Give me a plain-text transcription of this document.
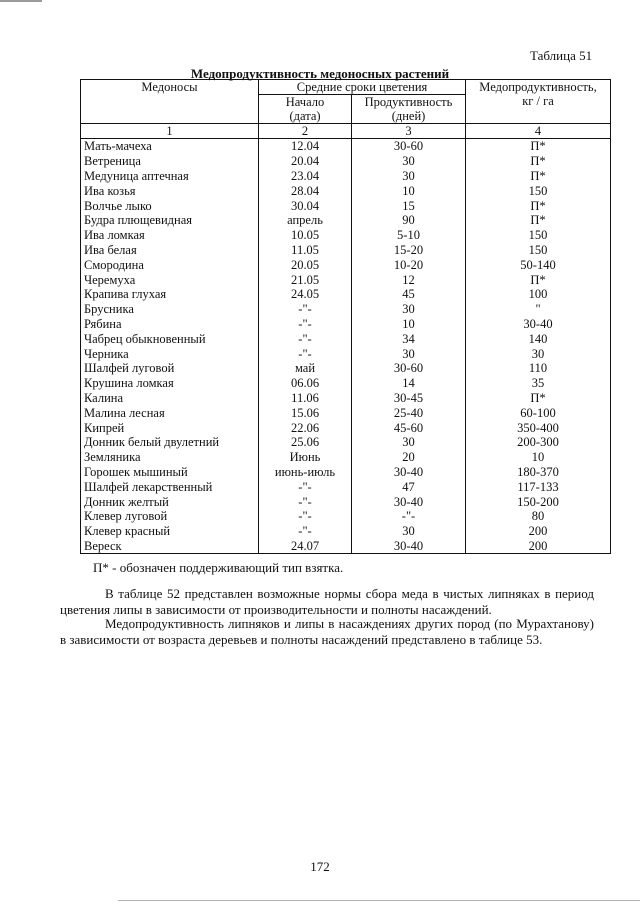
Таблица 51
Медопродуктивность медоносных растений
Медоносы	Средние сроки цветения		Медопродуктивность,
кг / га
	Начало
(дата)	Продуктивность
(дней)	
1	2	3	4
Мать-мачеха	12.04	30-60	П*
Ветреница	20.04	30	П*
Медуница аптечная	23.04	30	П*
Ива козья	28.04	10	150
Волчье лыко	30.04	15	П*
Будра плющевидная	апрель	90	П*
Ива ломкая	10.05	5-10	150
Ива белая	11.05	15-20	150
Смородина	20.05	10-20	50-140
Черемуха	21.05	12	П*
Крапива глухая	24.05	45	100
Брусника	-"-	30	"
Рябина	-"-	10	30-40
Чабрец обыкновенный	-"-	34	140
Черника	-"-	30	30
Шалфей луговой	май	30-60	110
Крушина ломкая	06.06	14	35
Калина	11.06	30-45	П*
Малина лесная	15.06	25-40	60-100
Кипрей	22.06	45-60	350-400
Донник белый двулетний	25.06	30	200-300
Земляника	Июнь	20	10
Горошек мышиный	июнь-июль	30-40	180-370
Шалфей лекарственный	-"-	47	117-133
Донник желтый	-"-	30-40	150-200
Клевер луговой	-"-	-"-	80
Клевер красный	-"-	30	200
Вереск	24.07	30-40	200
П* - обозначен поддерживающий тип взятка.
В таблице 52 представлен возможные нормы сбора меда в чистых липняках в период цветения липы в зависимости от производительности и полноты насаждений.
Медопродуктивность липняков и липы в насаждениях других пород (по Мурахтанову) в зависимости от возраста деревьев и полноты насаждений представлено в таблице 53.
172
